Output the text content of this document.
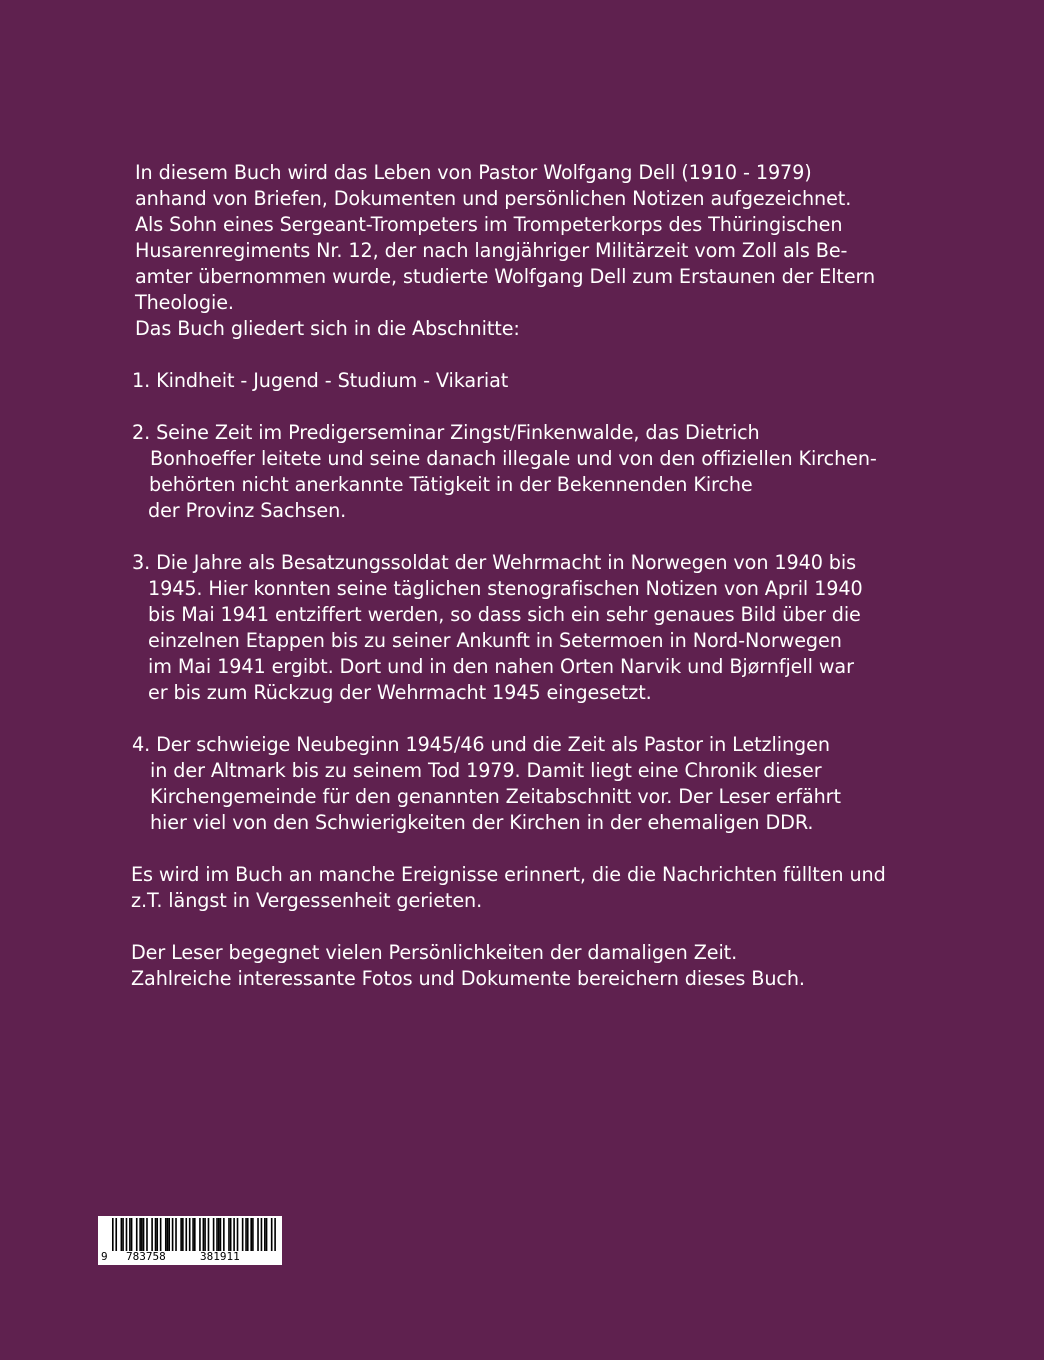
In diesem Buch wird das Leben von Pastor Wolfgang Dell (1910 - 1979)
anhand von Briefen, Dokumenten und persönlichen Notizen aufgezeichnet.
Als Sohn eines Sergeant-Trompeters im Trompeterkorps des Thüringischen
Husarenregiments Nr. 12, der nach langjähriger Militärzeit vom Zoll als Be-
amter übernommen wurde, studierte Wolfgang Dell zum Erstaunen der Eltern
Theologie.
Das Buch gliedert sich in die Abschnitte:
1. Kindheit - Jugend - Studium - Vikariat
2. Seine Zeit im Predigerseminar Zingst/Finkenwalde, das Dietrich
Bonhoeffer leitete und seine danach illegale und von den offiziellen Kirchen-
behörten nicht anerkannte Tätigkeit in der Bekennenden Kirche
der Provinz Sachsen.
3. Die Jahre als Besatzungssoldat der Wehrmacht in Norwegen von 1940 bis
1945. Hier konnten seine täglichen stenografischen Notizen von April 1940
bis Mai 1941 entziffert werden, so dass sich ein sehr genaues Bild über die
einzelnen Etappen bis zu seiner Ankunft in Setermoen in Nord-Norwegen
im Mai 1941 ergibt. Dort und in den nahen Orten Narvik und Bjørnfjell war
er bis zum Rückzug der Wehrmacht 1945 eingesetzt.
4. Der schwieige Neubeginn 1945/46 und die Zeit als Pastor in Letzlingen
in der Altmark bis zu seinem Tod 1979. Damit liegt eine Chronik dieser
Kirchengemeinde für den genannten Zeitabschnitt vor. Der Leser erfährt
hier viel von den Schwierigkeiten der Kirchen in der ehemaligen DDR.
Es wird im Buch an manche Ereignisse erinnert, die die Nachrichten füllten und
z.T. längst in Vergessenheit gerieten.
Der Leser begegnet vielen Persönlichkeiten der damaligen Zeit.
Zahlreiche interessante Fotos und Dokumente bereichern dieses Buch.
9 783758	381911
